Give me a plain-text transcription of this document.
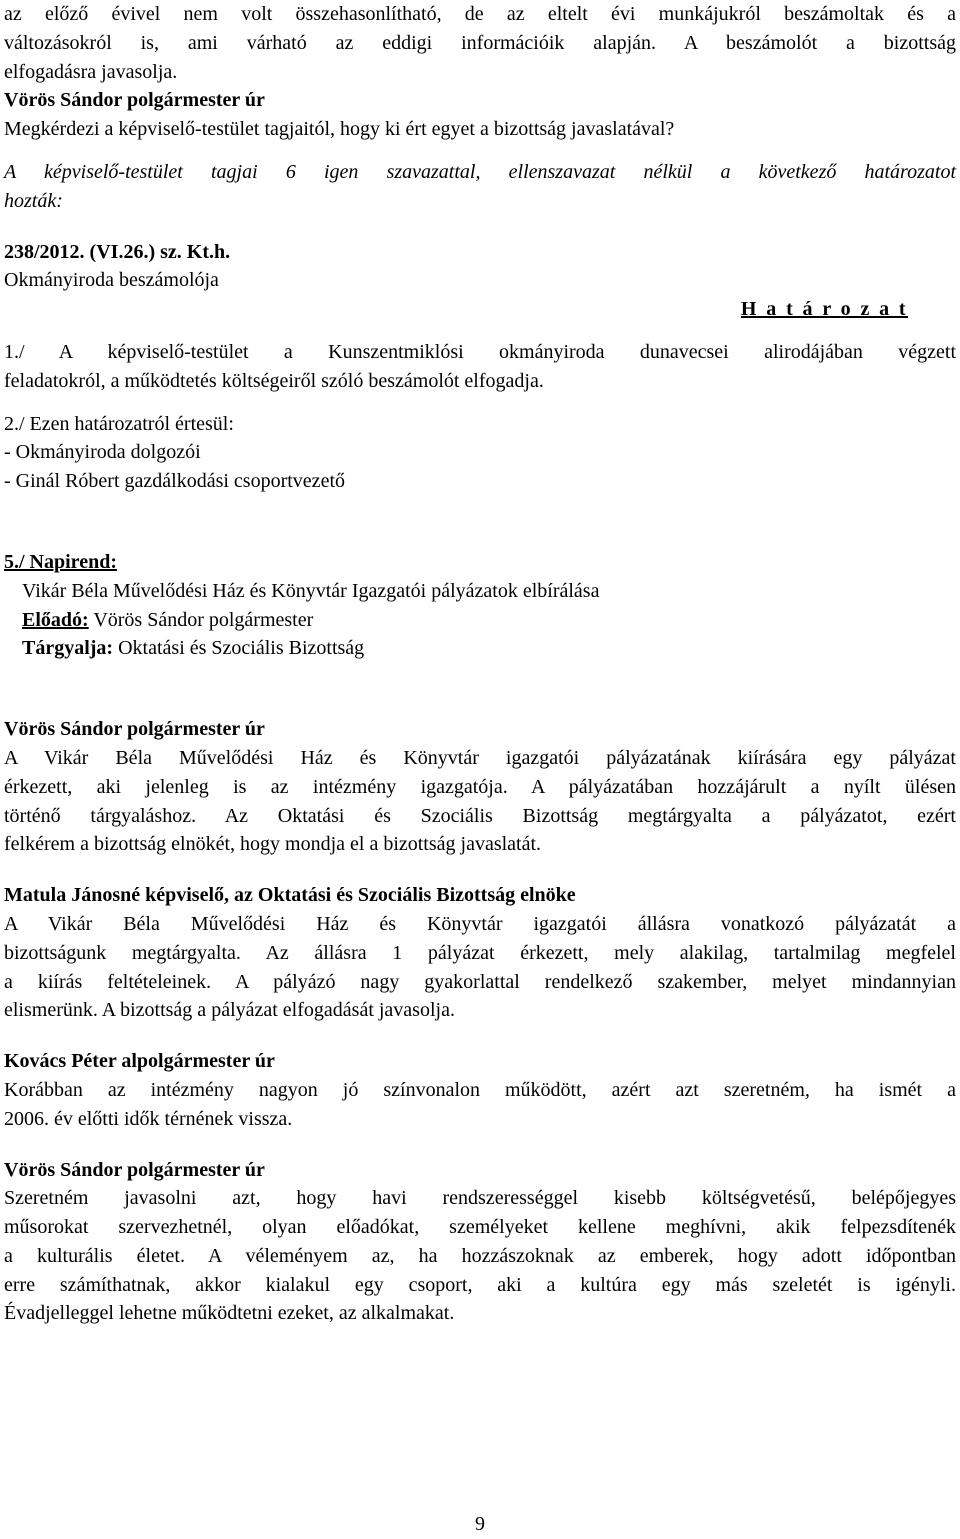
az előző évivel nem volt összehasonlítható, de az eltelt évi munkájukról beszámoltak és a

változásokról is, ami várható az eddigi információik alapján. A beszámolót a bizottság

elfogadásra javasolja.

Vörös Sándor polgármester úr

Megkérdezi a képviselő-testület tagjaitól, hogy ki ért egyet a bizottság javaslatával?

A képviselő-testület tagjai 6 igen szavazattal, ellenszavazat nélkül a következő határozatot

hozták:

238/2012. (VI.26.) sz. Kt.h.

Okmányiroda beszámolója

H a t á r o z a t

1./ A képviselő-testület a Kunszentmiklósi okmányiroda dunavecsei alirodájában végzett

feladatokról, a működtetés költségeiről szóló beszámolót elfogadja.

2./ Ezen határozatról értesül:

- Okmányiroda dolgozói

- Ginál Róbert gazdálkodási csoportvezető

5./ Napirend:

Vikár Béla Művelődési Ház és Könyvtár Igazgatói pályázatok elbírálása

Előadó: Vörös Sándor polgármester

Tárgyalja: Oktatási és Szociális Bizottság

Vörös Sándor polgármester úr

A Vikár Béla Művelődési Ház és Könyvtár igazgatói pályázatának kiírására egy pályázat

érkezett, aki jelenleg is az intézmény igazgatója. A pályázatában hozzájárult a nyílt ülésen

történő tárgyaláshoz. Az Oktatási és Szociális Bizottság megtárgyalta a pályázatot, ezért

felkérem a bizottság elnökét, hogy mondja el a bizottság javaslatát.

Matula Jánosné képviselő, az Oktatási és Szociális Bizottság elnöke

A Vikár Béla Művelődési Ház és Könyvtár igazgatói állásra vonatkozó pályázatát a

bizottságunk megtárgyalta. Az állásra 1 pályázat érkezett, mely alakilag, tartalmilag megfelel

a kiírás feltételeinek. A pályázó nagy gyakorlattal rendelkező szakember, melyet mindannyian

elismerünk. A bizottság a pályázat elfogadását javasolja.

Kovács Péter alpolgármester úr

Korábban az intézmény nagyon jó színvonalon működött, azért azt szeretném, ha ismét a

2006. év előtti idők térnének vissza.

Vörös Sándor polgármester úr

Szeretném javasolni azt, hogy havi rendszerességgel kisebb költségvetésű, belépőjegyes

műsorokat szervezhetnél, olyan előadókat, személyeket kellene meghívni, akik felpezsdítenék

a kulturális életet. A véleményem az, ha hozzászoknak az emberek, hogy adott időpontban

erre számíthatnak, akkor kialakul egy csoport, aki a kultúra egy más szeletét is igényli.

Évadjelleggel lehetne működtetni ezeket, az alkalmakat.

9
